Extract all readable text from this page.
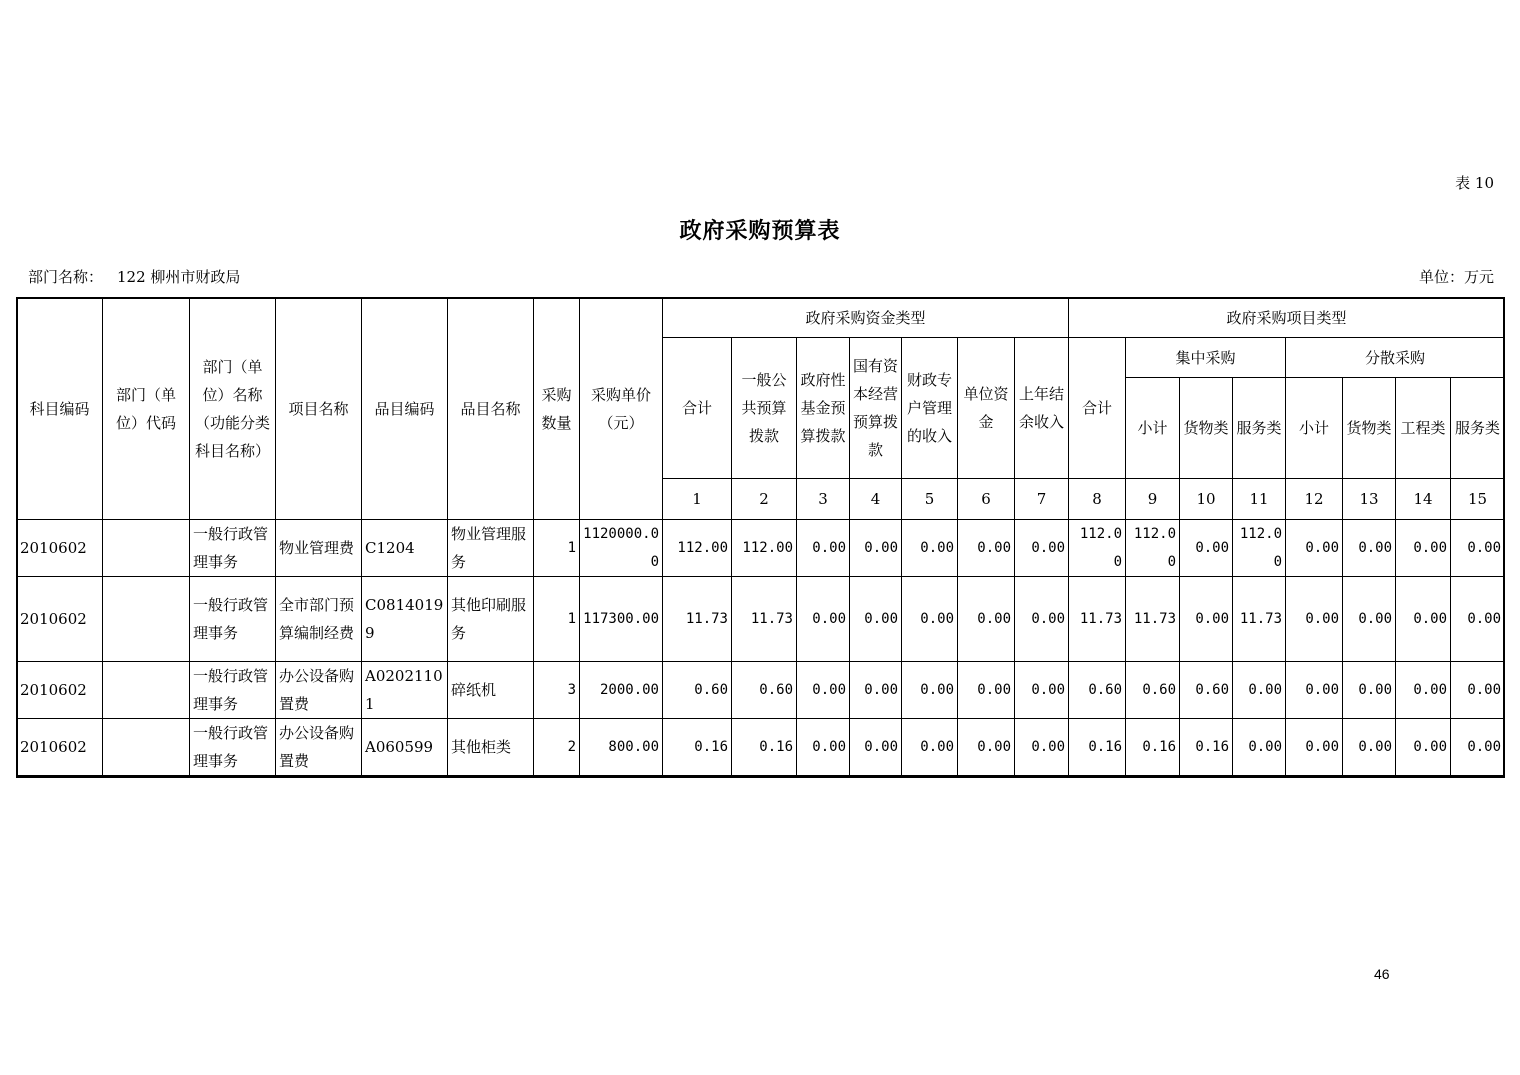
表 10
政府采购预算表
部门名称： 122 柳州市财政局	单位：万元
科目编码	部门（单位）代码	部门（单位）名称（功能分类科目名称）	项目名称	品目编码	品目名称	采购数量	采购单价（元）	政府采购资金类型							政府采购项目类型							
								合计	一般公共预算拨款	政府性基金预算拨款	国有资本经营预算拨款	财政专户管理的收入	单位资金	上年结余收入	合计	集中采购			分散采购			
																小计	货物类	服务类	小计	货物类	工程类	服务类
								1	2	3	4	5	6	7	8	9	10	11	12	13	14	15
2010602		一般行政管理事务	物业管理费	C1204	物业管理服务	1	1120000.00	112.00	112.00	0.00	0.00	0.00	0.00	0.00	112.00	112.00	0.00	112.00	0.00	0.00	0.00	0.00
2010602		一般行政管理事务	全市部门预算编制经费	C08140199	其他印刷服务	1	117300.00	11.73	11.73	0.00	0.00	0.00	0.00	0.00	11.73	11.73	0.00	11.73	0.00	0.00	0.00	0.00
2010602		一般行政管理事务	办公设备购置费	A02021101	碎纸机	3	2000.00	0.60	0.60	0.00	0.00	0.00	0.00	0.00	0.60	0.60	0.60	0.00	0.00	0.00	0.00	0.00
2010602		一般行政管理事务	办公设备购置费	A060599	其他柜类	2	800.00	0.16	0.16	0.00	0.00	0.00	0.00	0.00	0.16	0.16	0.16	0.00	0.00	0.00	0.00	0.00
46
